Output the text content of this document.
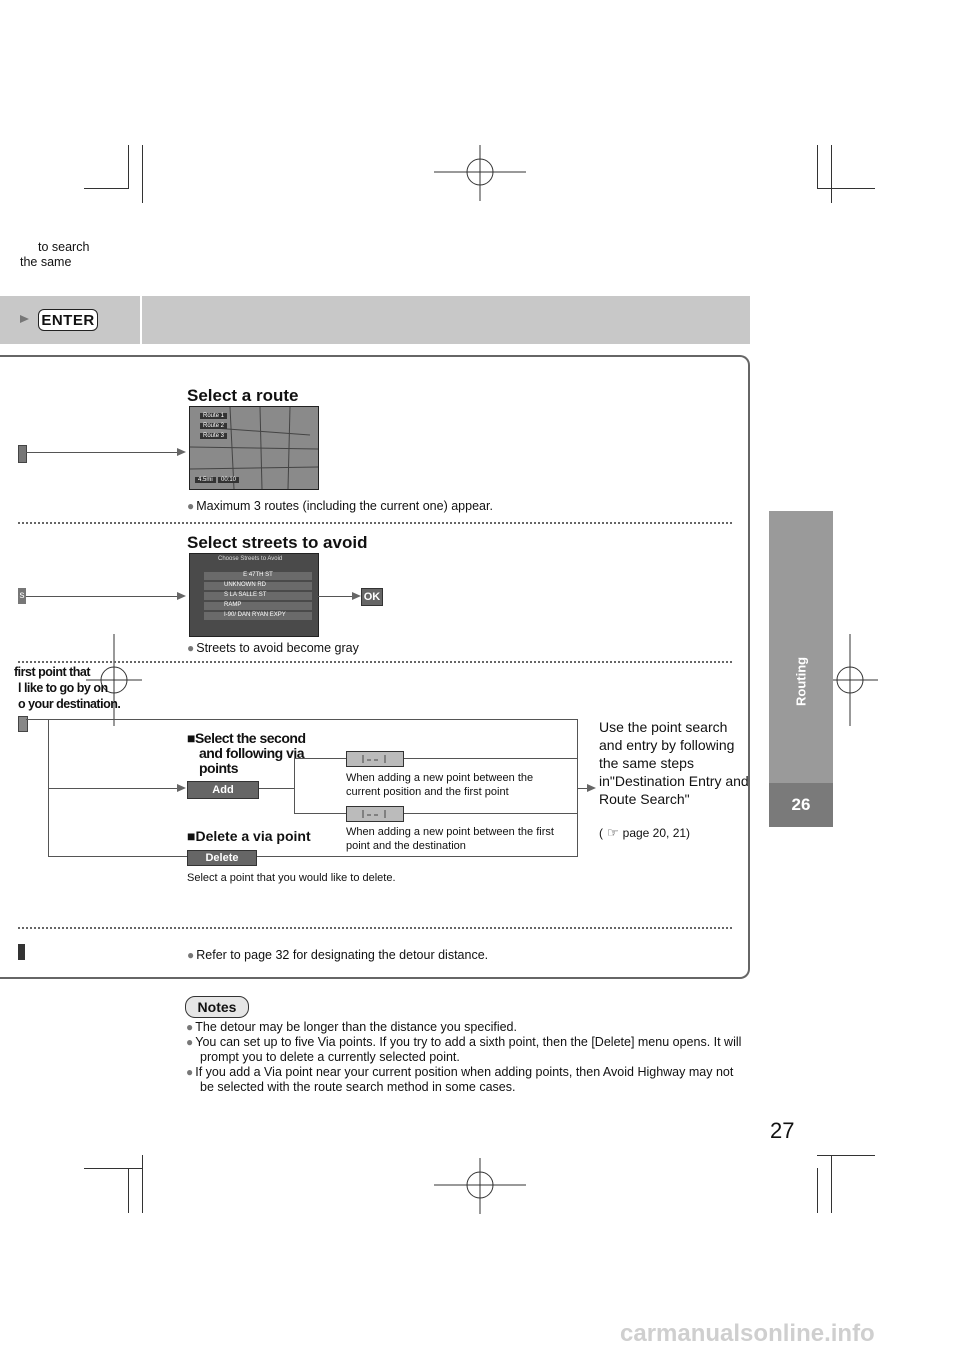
to search
the same
ENTER
Select a route
Route 1
Route 2
Route 3
4.5mi	00:10
● Maximum 3 routes (including the current one) appear.
Select streets to avoid
s
Choose Streets to Avoid
E 47TH ST
UNKNOWN RD
S LA SALLE ST
RAMP
I-90/ DAN RYAN EXPY
OK
● Streets to avoid become gray
first point that
l like to go by on
o your destination.
■Select the second
and following via
points
Add
When adding a new point between the current position and the first point
When adding a new point between the first point and the destination
■Delete a via point
Delete
Select a point that you would like to delete.
Use the point search and entry by following the same steps in"Destination Entry and Route Search"
( ☞ page 20, 21)
● Refer to page 32 for designating the detour distance.
Notes
● The detour may be longer than the distance you specified.
● You can set up to five Via points. If you try to add a sixth point, then the [Delete] menu opens. It will prompt you to delete a currently selected point.
● If you add a Via point near your current position when adding points, then Avoid Highway may not be selected with the route search method in some cases.
Routing
26
27
carmanualsonline.info
